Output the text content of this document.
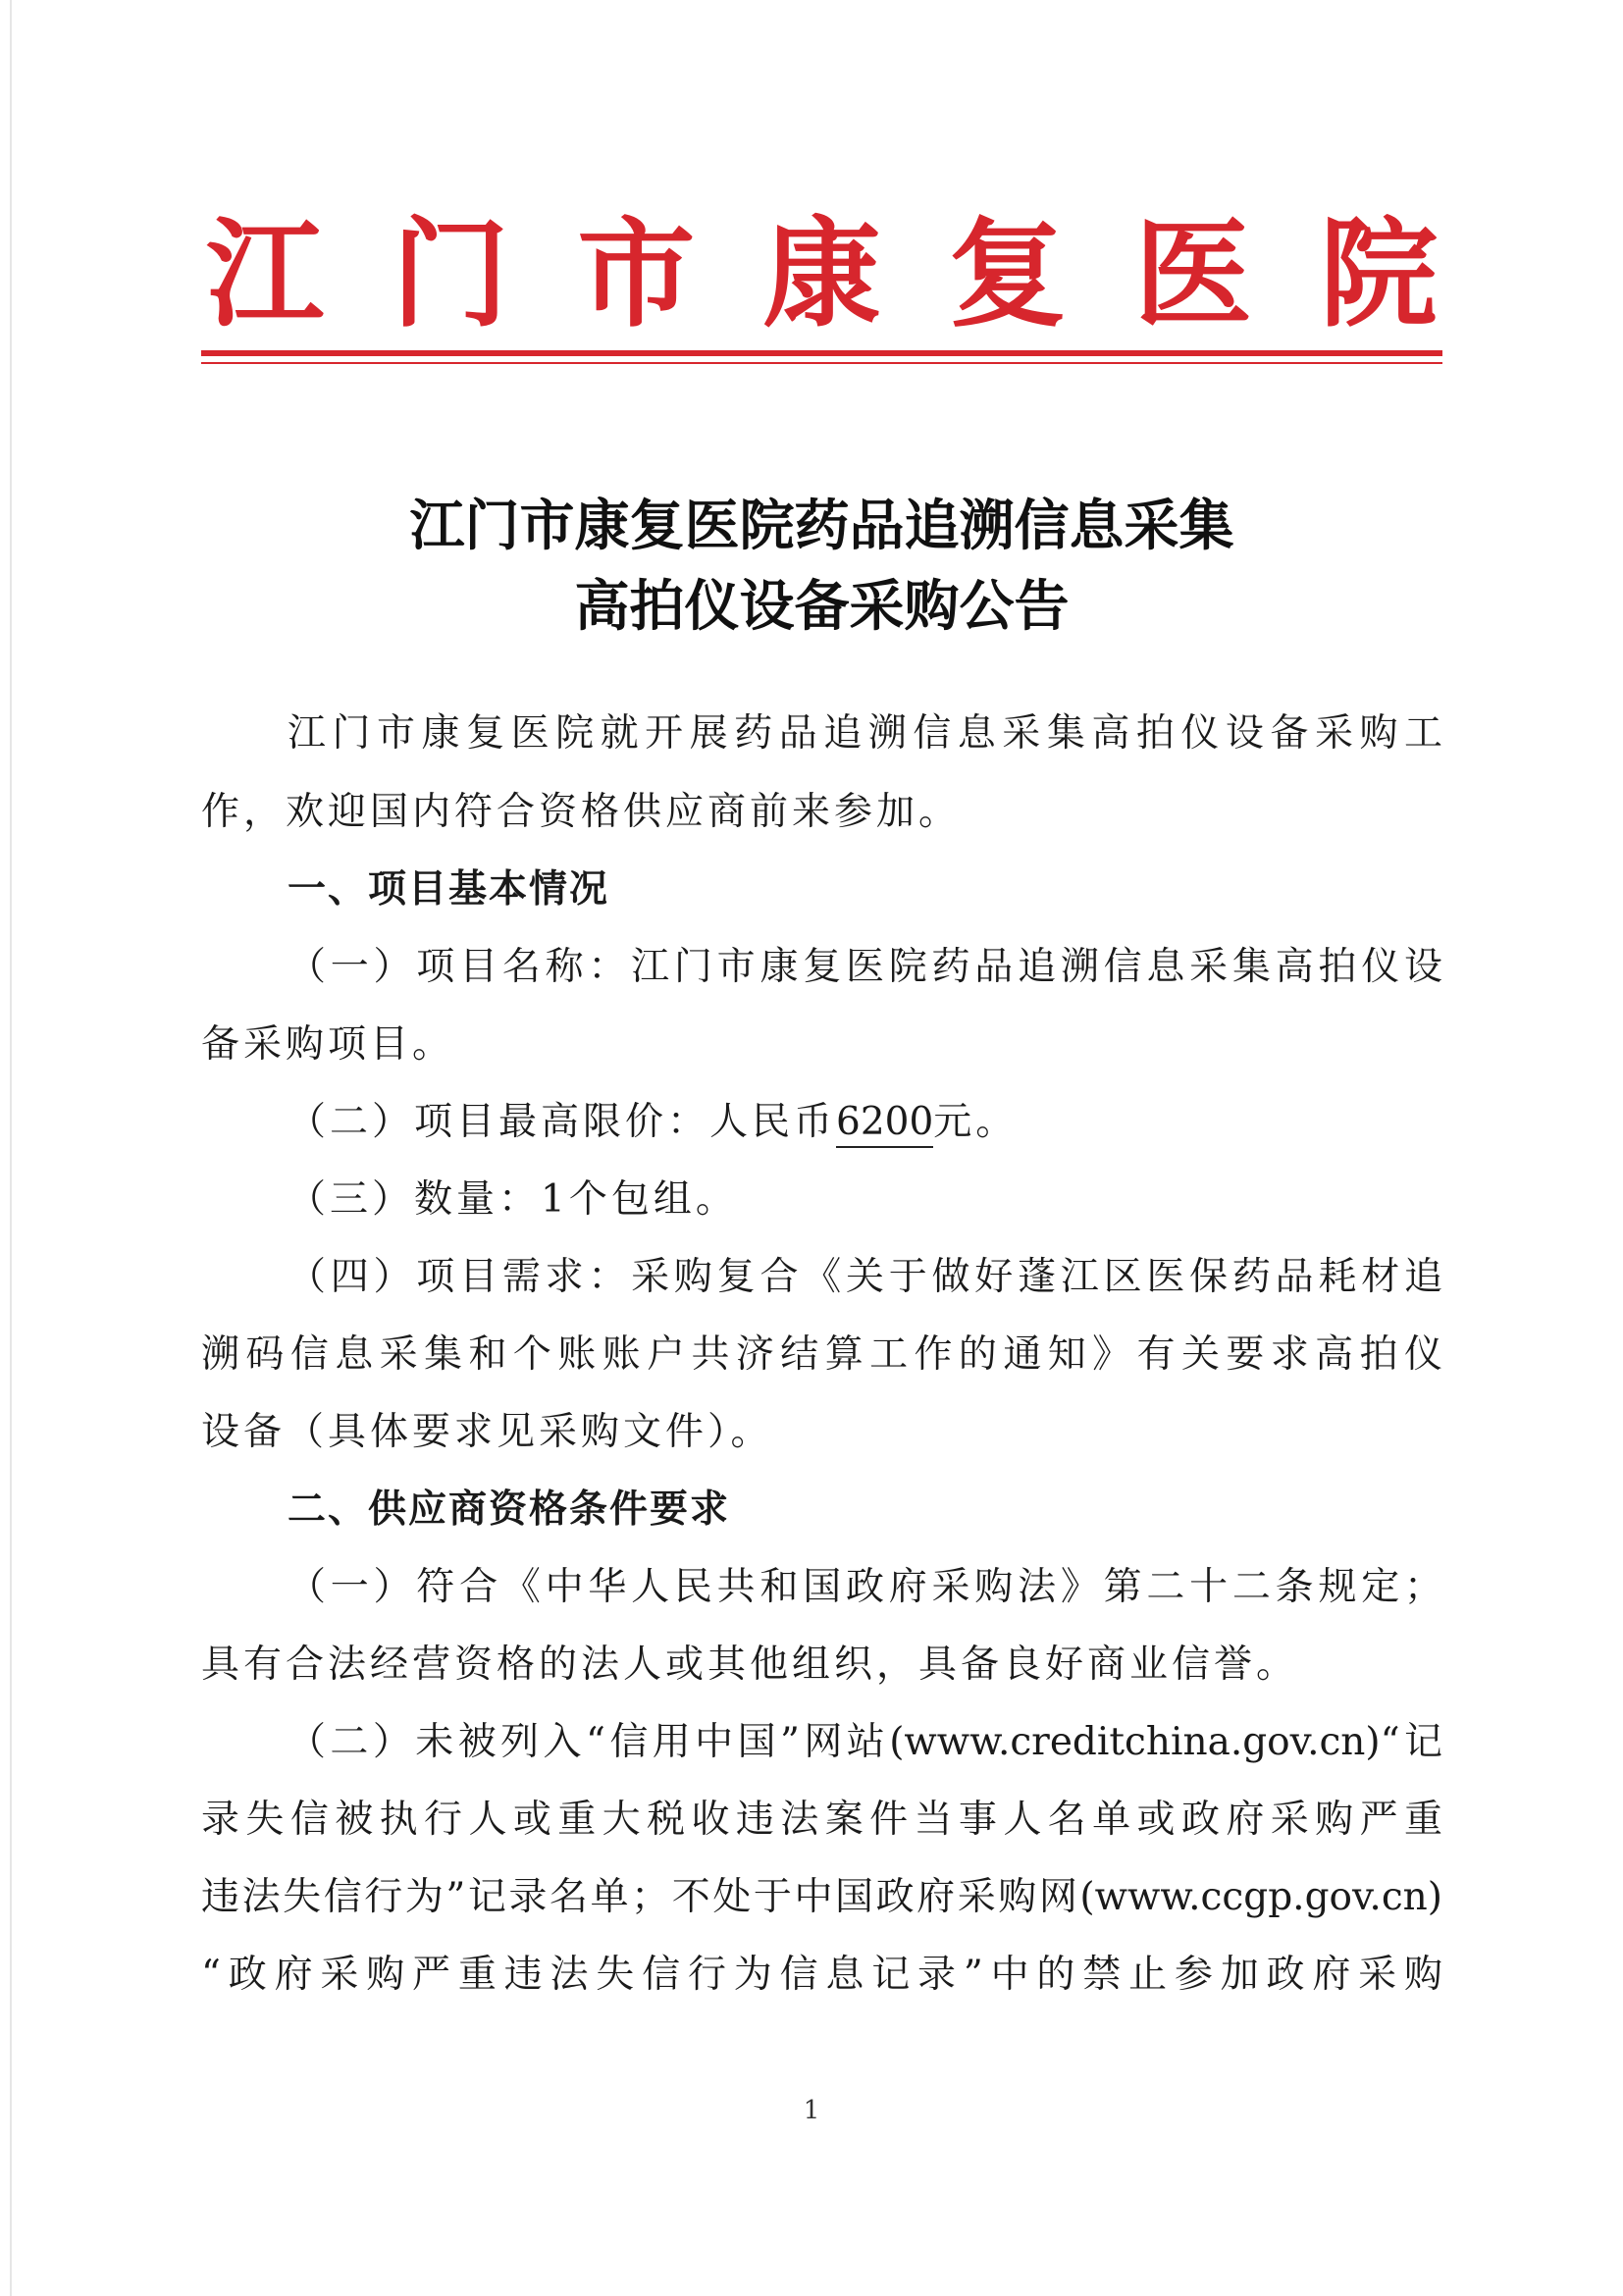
江 门 市 康 复 医 院
江门市康复医院药品追溯信息采集
高拍仪设备采购公告
江门市康复医院就开展药品追溯信息采集高拍仪设备采购工
作，欢迎国内符合资格供应商前来参加。
一、项目基本情况
（一）项目名称：江门市康复医院药品追溯信息采集高拍仪设
备采购项目。
（二）项目最高限价：人民币6200元。
（三）数量：1个包组。
（四）项目需求：采购复合《关于做好蓬江区医保药品耗材追
溯码信息采集和个账账户共济结算工作的通知》有关要求高拍仪
设备（具体要求见采购文件）。
二、供应商资格条件要求
（一）符合《中华人民共和国政府采购法》第二十二条规定；
具有合法经营资格的法人或其他组织，具备良好商业信誉。
（二）未被列入“信用中国”网站(www.creditchina.gov.cn)“记
录失信被执行人或重大税收违法案件当事人名单或政府采购严重
违法失信行为”记录名单；不处于中国政府采购网(www.ccgp.gov.cn)
“政府采购严重违法失信行为信息记录”中的禁止参加政府采购
1
